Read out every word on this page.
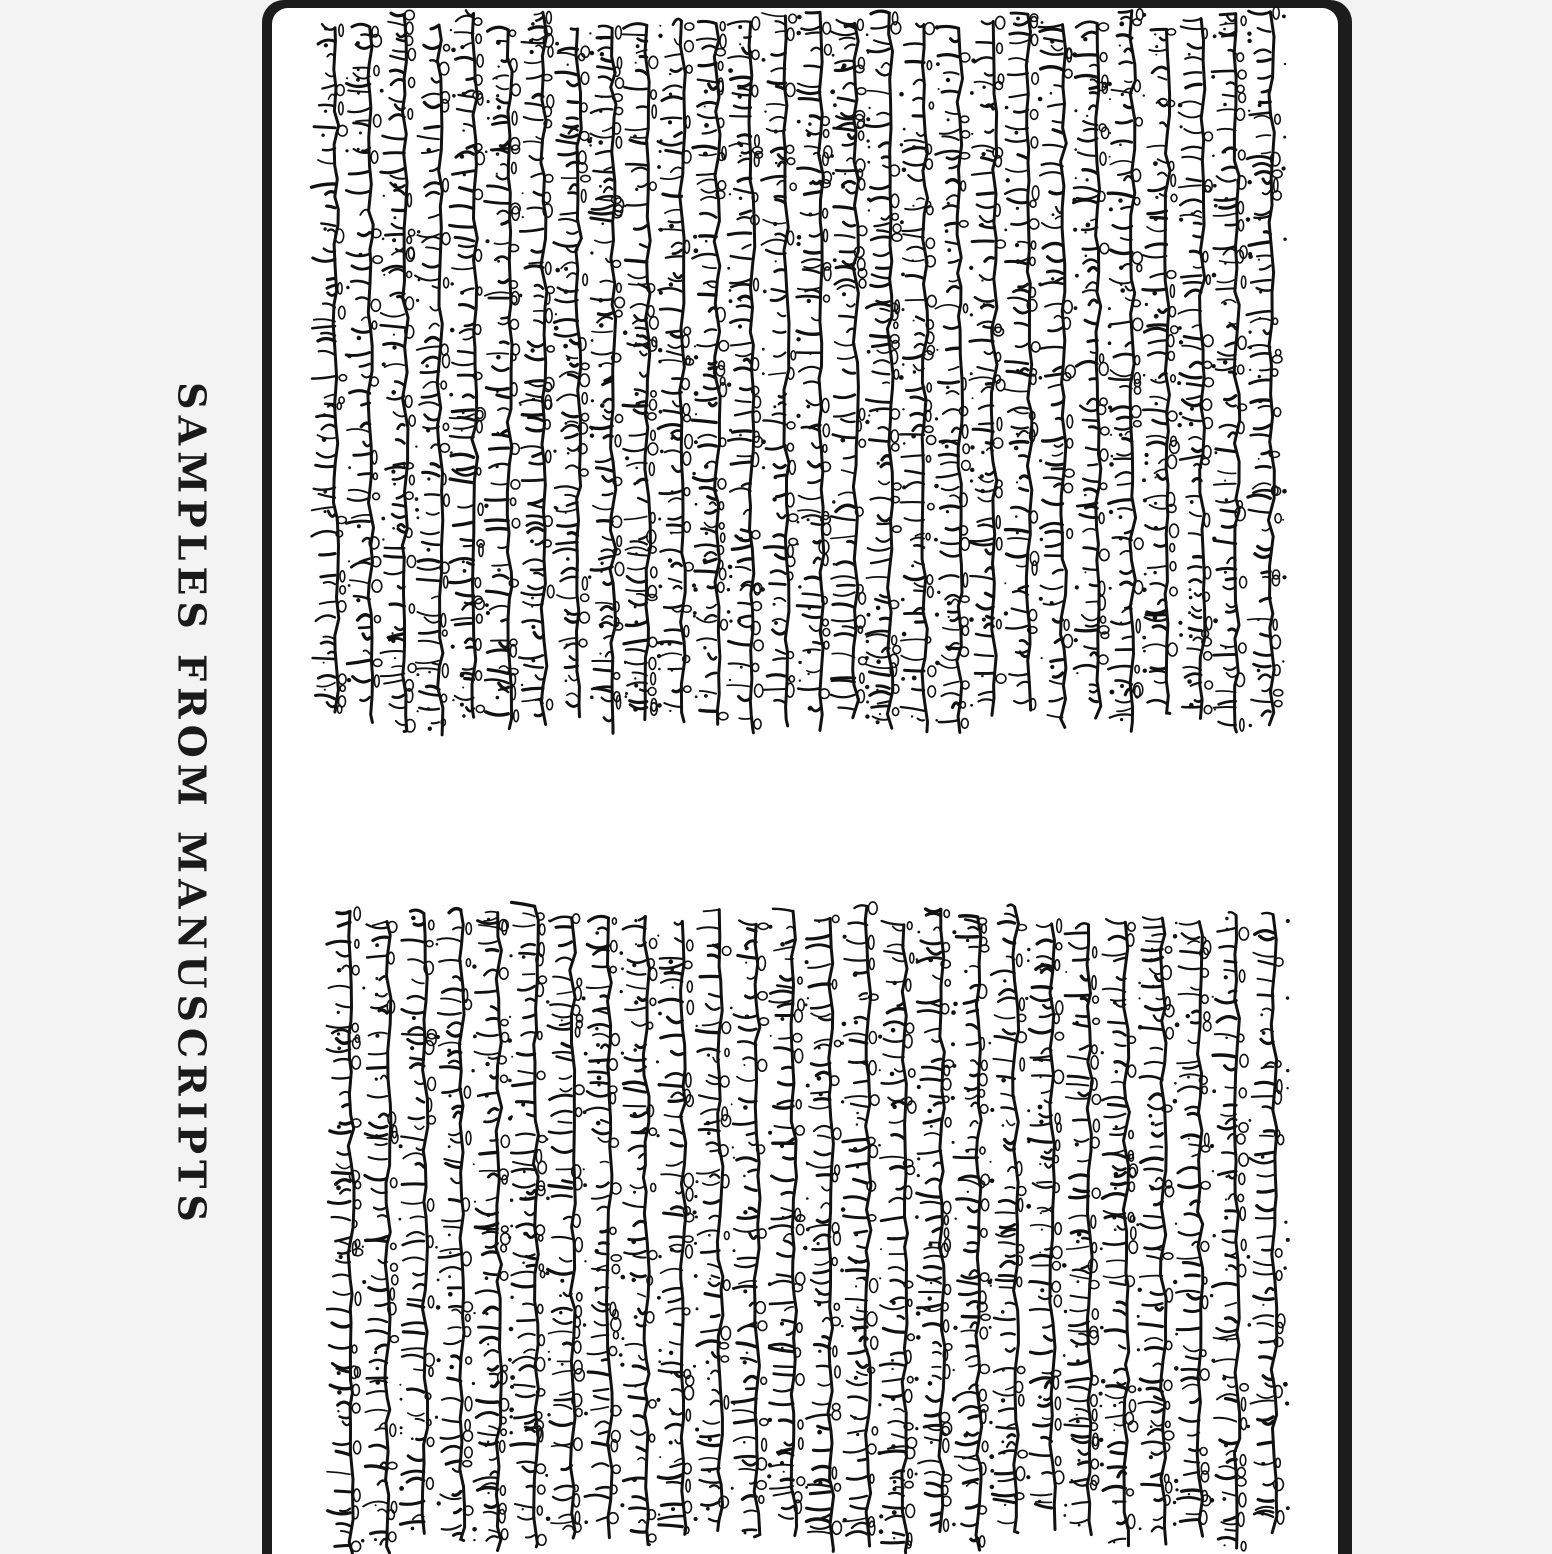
SAMPLES FROM MANUSCRIPTS
